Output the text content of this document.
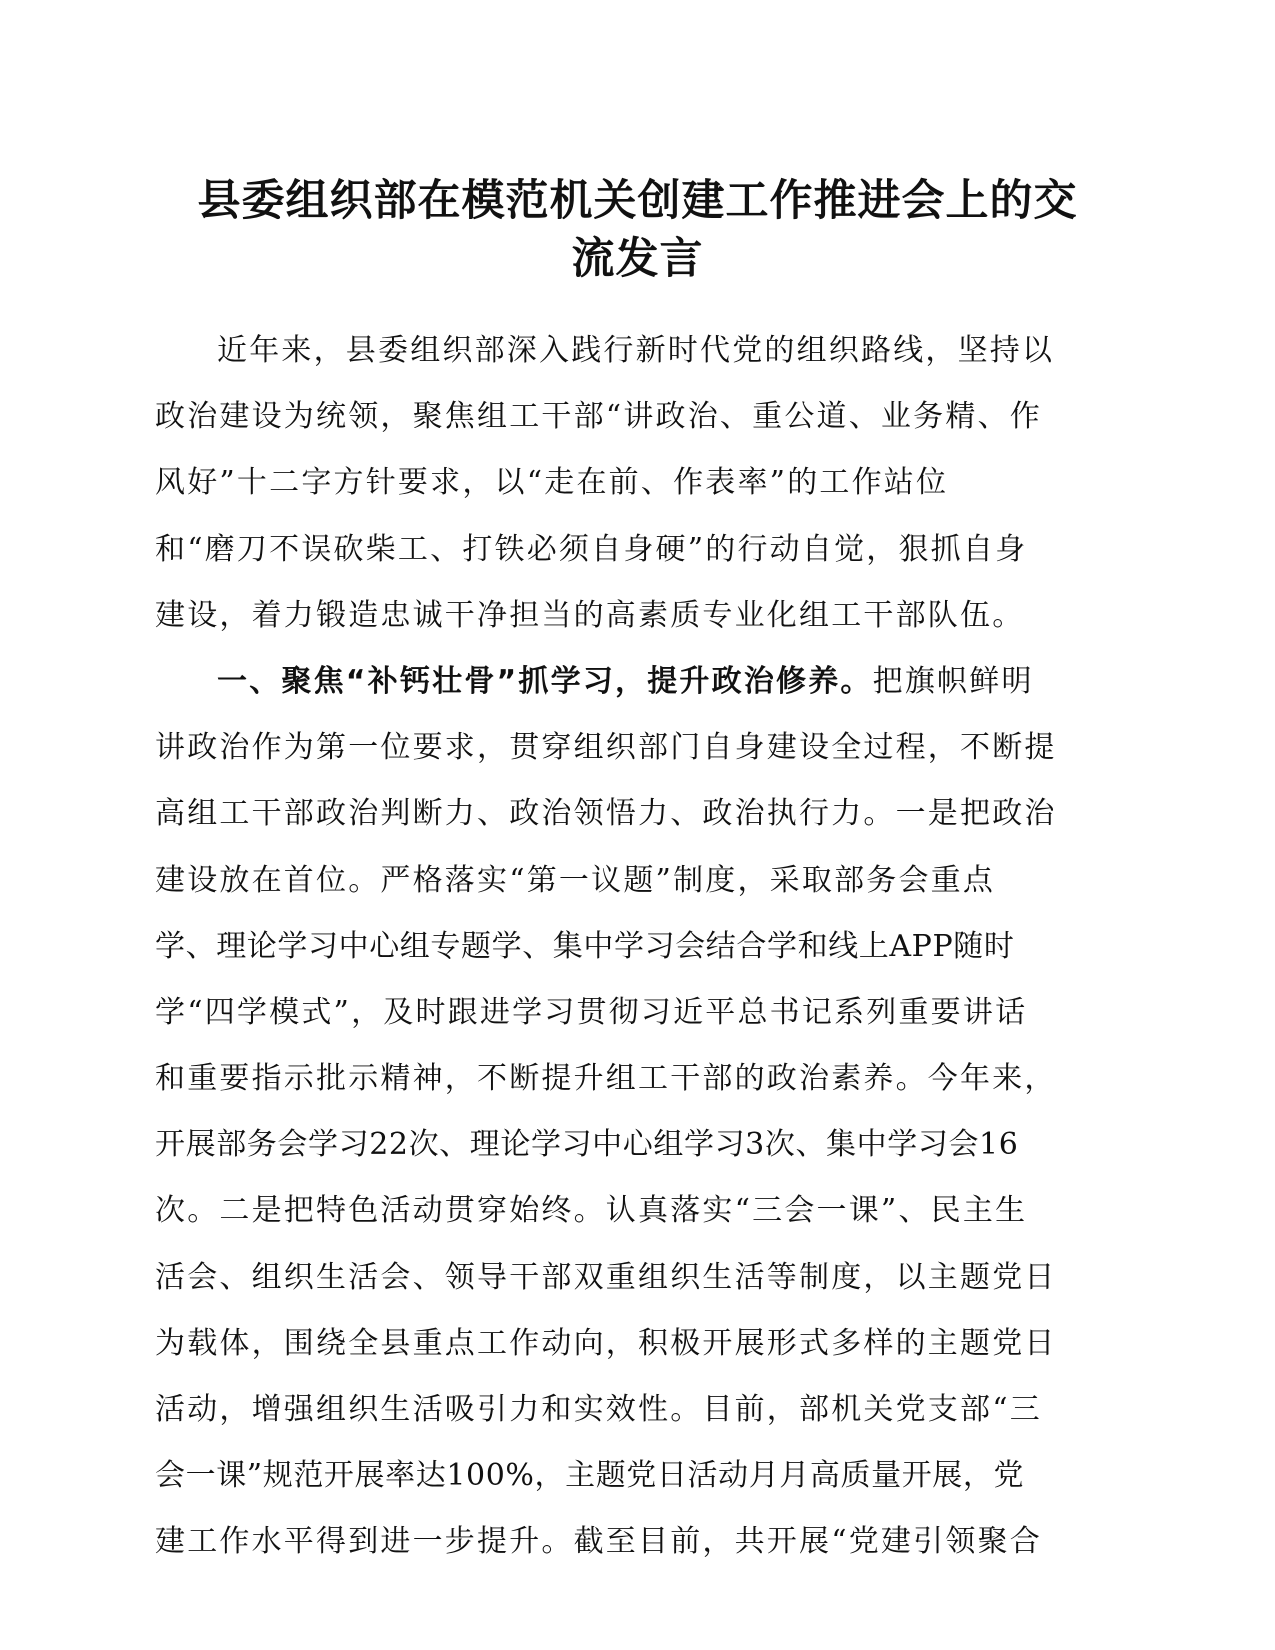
县委组织部在模范机关创建工作推进会上的交
流发言
近年来，县委组织部深入践行新时代党的组织路线，坚持以
政治建设为统领，聚焦组工干部“讲政治、重公道、业务精、作
风好”十二字方针要求，以“走在前、作表率”的工作站位
和“磨刀不误砍柴工、打铁必须自身硬”的行动自觉，狠抓自身
建设，着力锻造忠诚干净担当的高素质专业化组工干部队伍。
一、聚焦“补钙壮骨”抓学习，提升政治修养。把旗帜鲜明
讲政治作为第一位要求，贯穿组织部门自身建设全过程，不断提
高组工干部政治判断力、政治领悟力、政治执行力。一是把政治
建设放在首位。严格落实“第一议题”制度，采取部务会重点
学、理论学习中心组专题学、集中学习会结合学和线上APP随时
学“四学模式”，及时跟进学习贯彻习近平总书记系列重要讲话
和重要指示批示精神，不断提升组工干部的政治素养。今年来，
开展部务会学习22次、理论学习中心组学习3次、集中学习会16
次。二是把特色活动贯穿始终。认真落实“三会一课”、民主生
活会、组织生活会、领导干部双重组织生活等制度，以主题党日
为载体，围绕全县重点工作动向，积极开展形式多样的主题党日
活动，增强组织生活吸引力和实效性。目前，部机关党支部“三
会一课”规范开展率达100%，主题党日活动月月高质量开展，党
建工作水平得到进一步提升。截至目前，共开展“党建引领聚合
